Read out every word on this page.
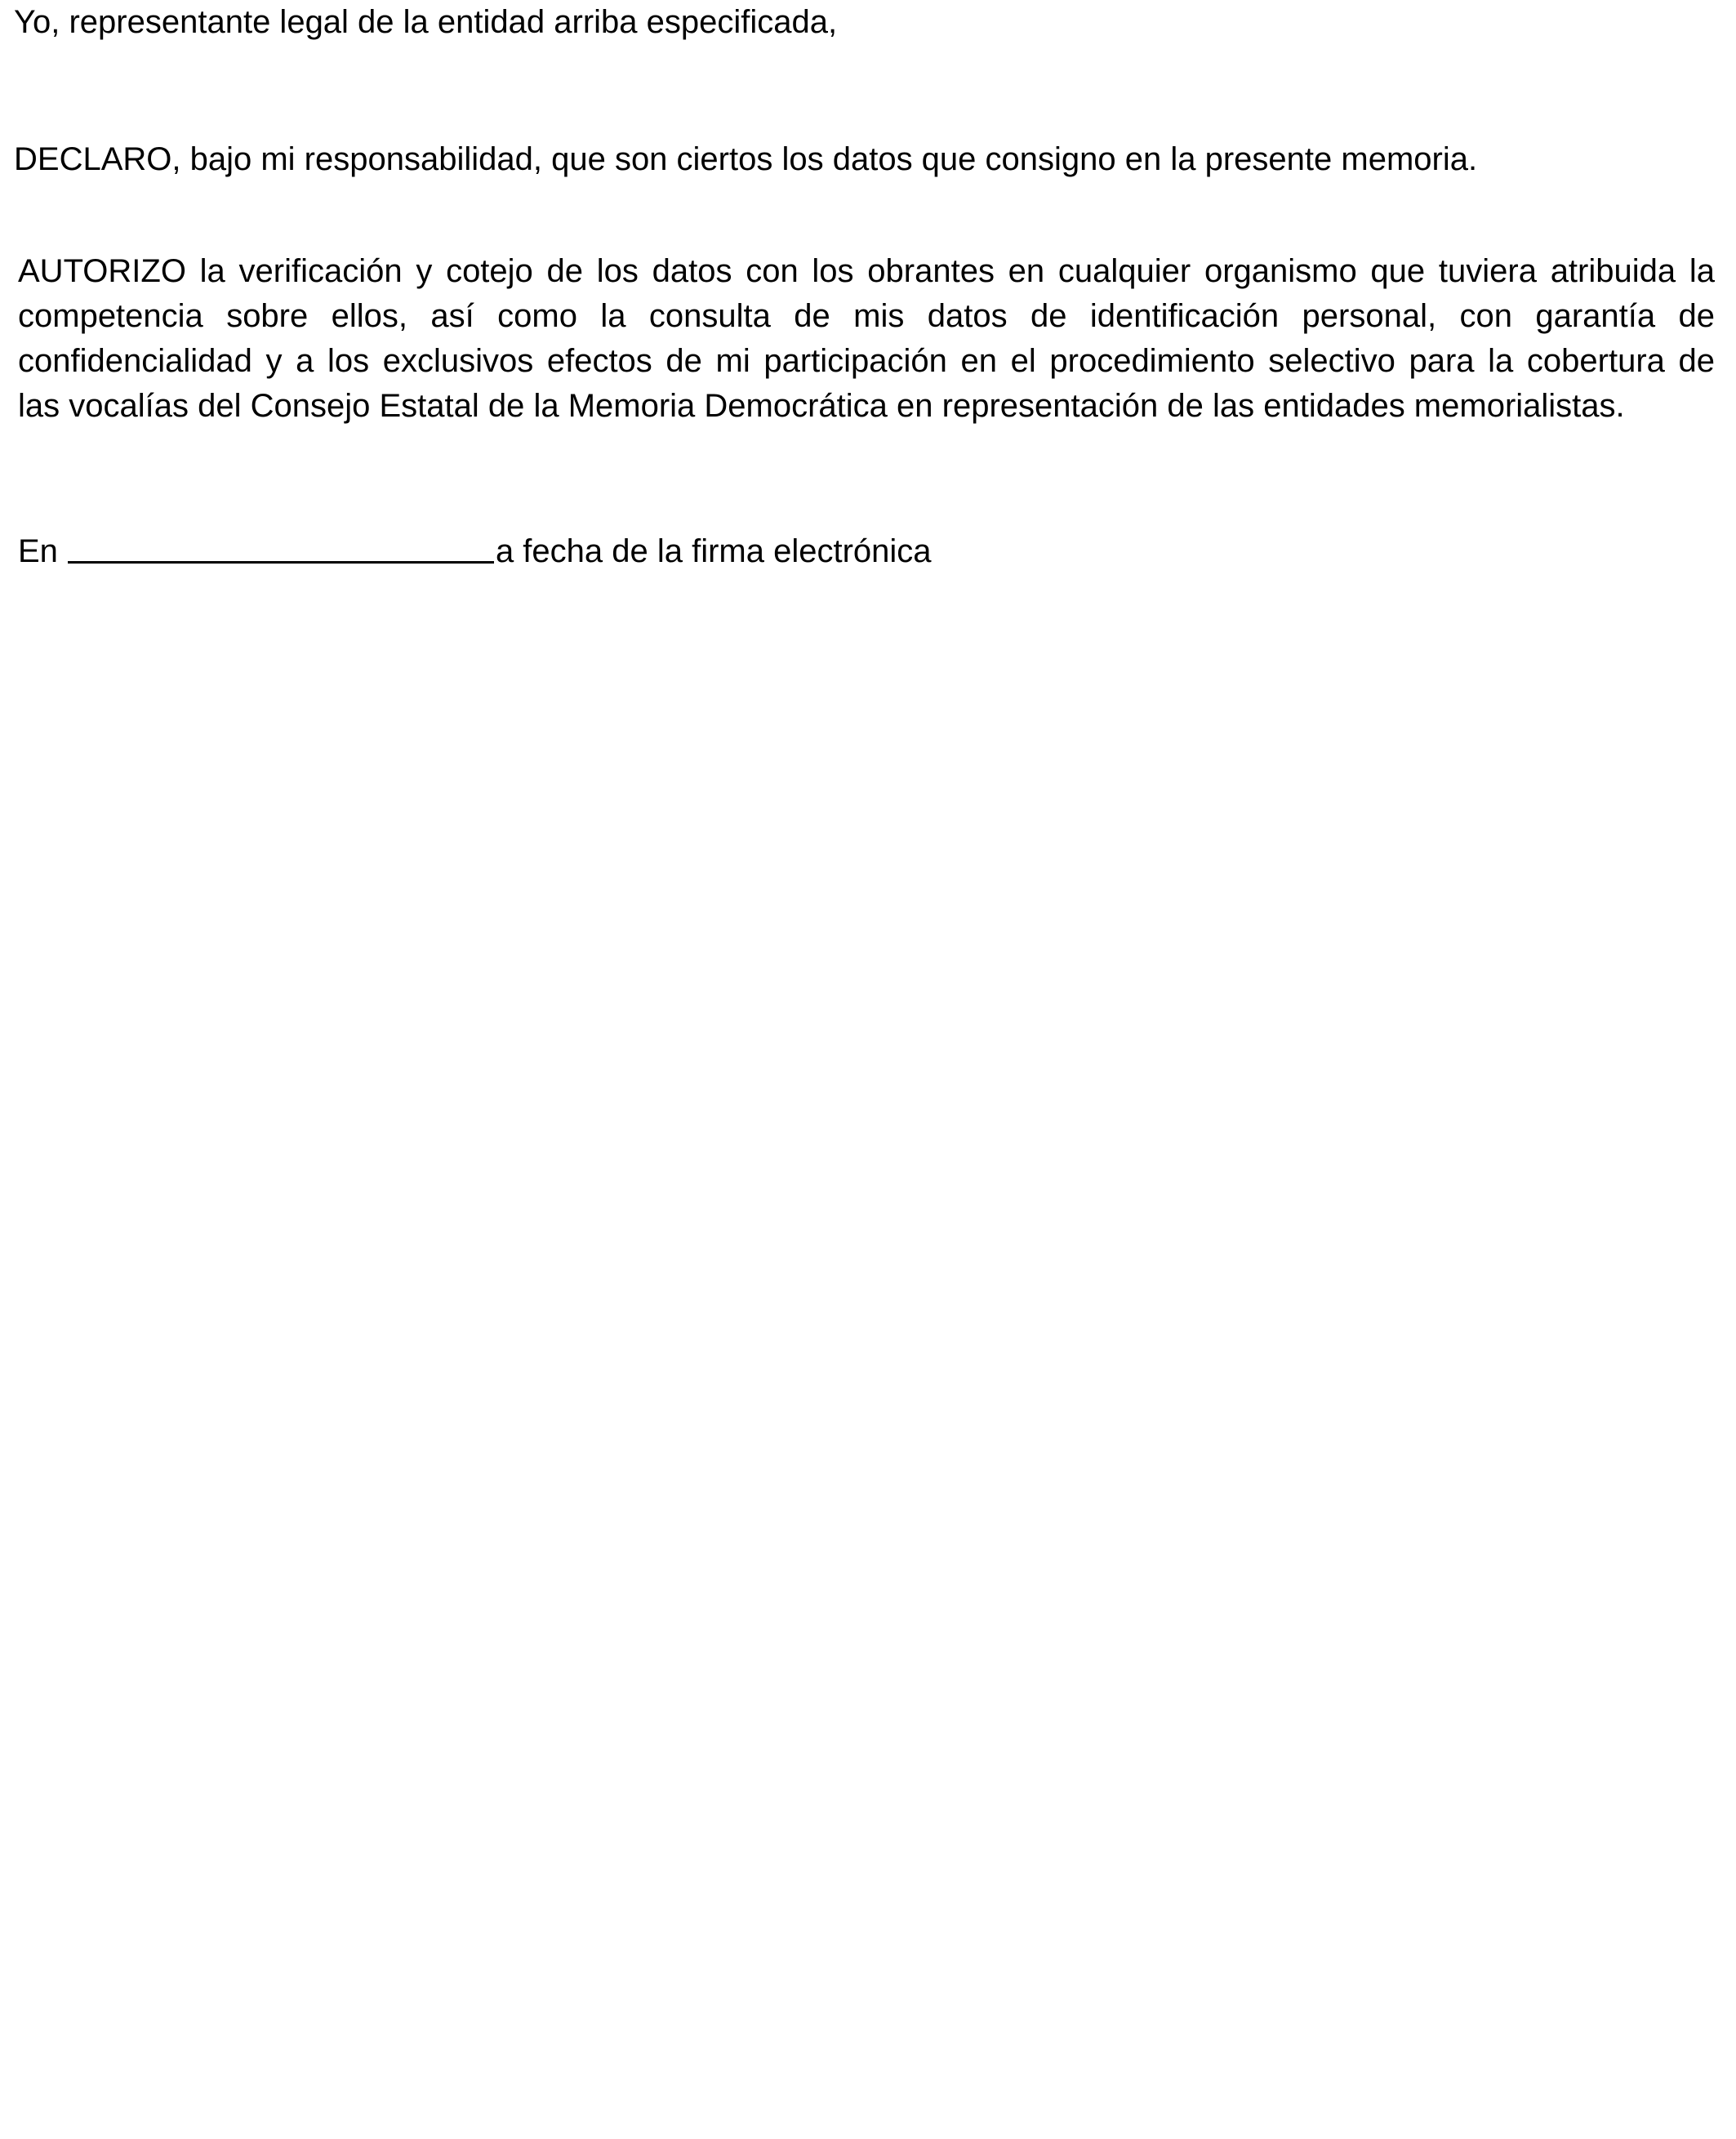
Yo, representante legal de la entidad arriba especificada,

DECLARO, bajo mi responsabilidad, que son ciertos los datos que consigno en la presente memoria.

AUTORIZO la verificación y cotejo de los datos con los obrantes en cualquier organismo que tuviera atribuida la
competencia sobre ellos, así como la consulta de mis datos de identificación personal, con garantía de
confidencialidad y a los exclusivos efectos de mi participación en el procedimiento selectivo para la cobertura de
las vocalías del Consejo Estatal de la Memoria Democrática en representación de las entidades memorialistas.
En	a fecha de la firma electrónica
